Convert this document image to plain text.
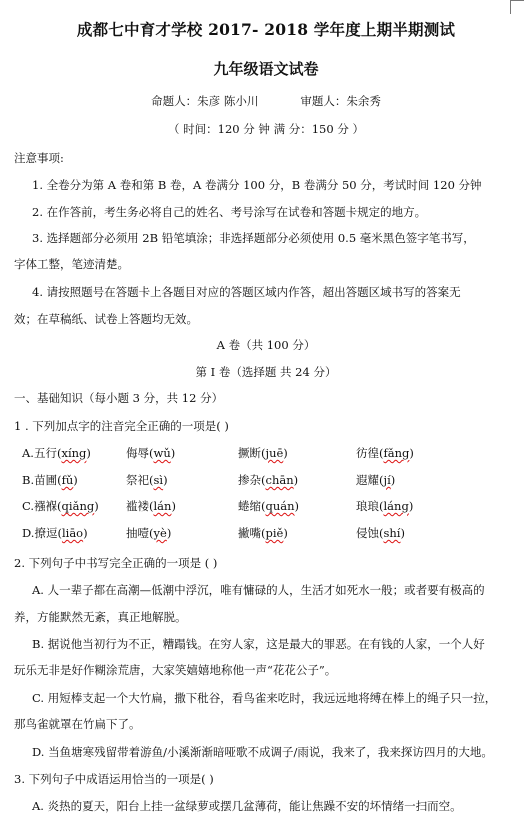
成都七中育才学校 2017- 2018 学年度上期半期测试
九年级语文试卷
命题人：朱彦 陈小川	审题人：朱余秀
（ 时间：120 分 钟 满 分：150 分 ）
注意事项:
1. 全卷分为第 A 卷和第 B 卷，A 卷满分 100 分，B 卷满分 50 分，考试时间 120 分钟
2. 在作答前，考生务必将自己的姓名、考号涂写在试卷和答题卡规定的地方。
3. 选择题部分必须用 2B 铅笔填涂；非选择题部分必须使用 0.5 毫米黑色签字笔书写，
字体工整，笔迹清楚。
4. 请按照题号在答题卡上各题目对应的答题区域内作答，超出答题区域书写的答案无
效；在草稿纸、试卷上答题均无效。
A 卷（共 100 分）
第 I 卷（选择题 共 24 分）
一、基础知识（每小题 3 分，共 12 分）
1 . 下列加点字的注音完全正确的一项是( )
A.五行(xíng)	侮辱(wǔ)	撅断(juē)	彷徨(fǎng)
B.苗圃(fǔ)	祭祀(sì)	掺杂(chān)	遐耀(jí)
C.襁褓(qiǎng)	褴褛(lán)	蜷缩(quán)	琅琅(láng)
D.撩逗(liāo)	抽噎(yè)	撇嘴(piě)	侵蚀(shí)
2. 下列句子中书写完全正确的一项是 ( )
A. 人一辈子都在高潮—低潮中浮沉，唯有慵碌的人，生活才如死水一般；或者要有极高的
养，方能默然无紊，真正地解脱。
B. 据说他当初行为不正，糟蹋钱。在穷人家，这是最大的罪恶。在有钱的人家，一个人好
玩乐无非是好作糊涂荒唐，大家笑嬉嬉地称他一声“花花公子”。
C. 用短棒支起一个大竹扁，撒下秕谷，看鸟雀来吃时，我远远地将缚在棒上的绳子只一拉，
那鸟雀就罩在竹扁下了。
D. 当鱼塘寒残留带着游鱼/小溪渐渐暗哑歌不成调子/雨说，我来了，我来探访四月的大地。
3. 下列句子中成语运用恰当的一项是( )
A. 炎热的夏天，阳台上挂一盆绿萝或摆几盆薄荷，能让焦躁不安的坏情绪一扫而空。
